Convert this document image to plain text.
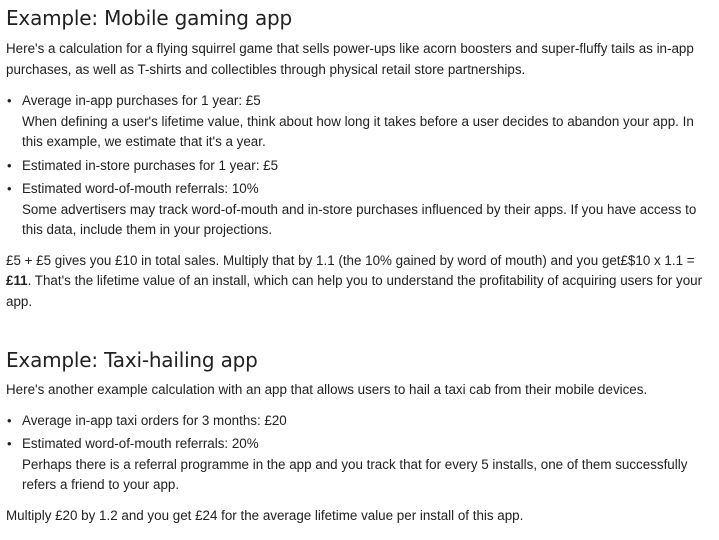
Example: Mobile gaming app

Here's a calculation for a flying squirrel game that sells power-ups like acorn boosters and super-fluffy tails as in-app purchases, as well as T-shirts and collectibles through physical retail store partnerships.

• Average in-app purchases for 1 year: £5
When defining a user's lifetime value, think about how long it takes before a user decides to abandon your app. In this example, we estimate that it's a year.
• Estimated in-store purchases for 1 year: £5
• Estimated word-of-mouth referrals: 10%
Some advertisers may track word-of-mouth and in-store purchases influenced by their apps. If you have access to this data, include them in your projections.

£5 + £5 gives you £10 in total sales. Multiply that by 1.1 (the 10% gained by word of mouth) and you get£$10 x 1.1 = £11. That's the lifetime value of an install, which can help you to understand the profitability of acquiring users for your app.

Example: Taxi-hailing app

Here's another example calculation with an app that allows users to hail a taxi cab from their mobile devices.

• Average in-app taxi orders for 3 months: £20
• Estimated word-of-mouth referrals: 20%
Perhaps there is a referral programme in the app and you track that for every 5 installs, one of them successfully refers a friend to your app.

Multiply £20 by 1.2 and you get £24 for the average lifetime value per install of this app.
